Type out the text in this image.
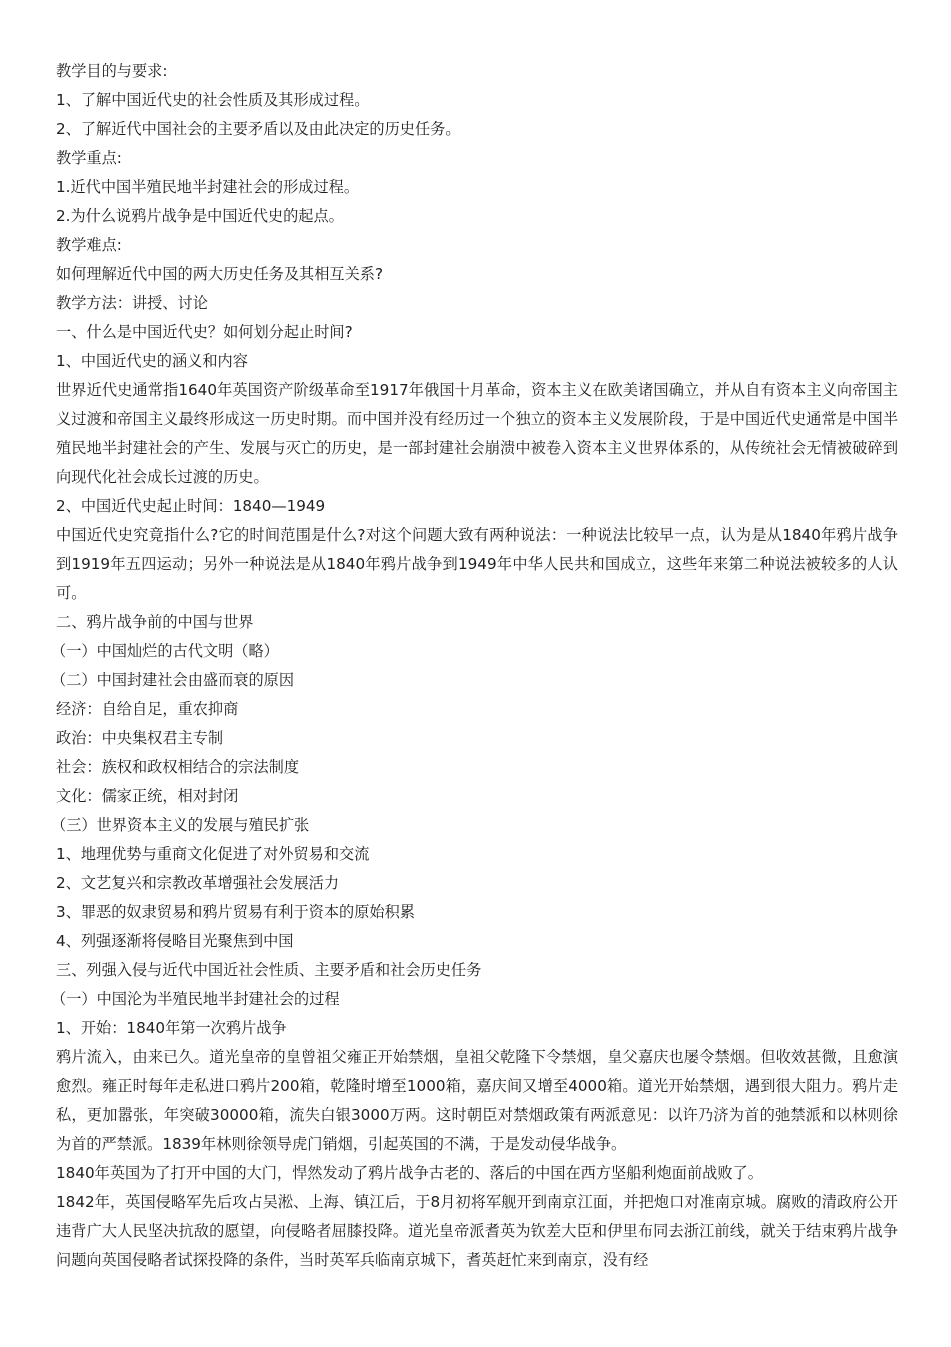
教学目的与要求:
1、了解中国近代史的社会性质及其形成过程。
2、了解近代中国社会的主要矛盾以及由此决定的历史任务。
教学重点:
1.近代中国半殖民地半封建社会的形成过程。
2.为什么说鸦片战争是中国近代史的起点。
教学难点:
如何理解近代中国的两大历史任务及其相互关系?
教学方法：讲授、讨论
一、什么是中国近代史？如何划分起止时间?
1、中国近代史的涵义和内容
世界近代史通常指1640年英国资产阶级革命至1917年俄国十月革命，资本主义在欧美诸国确立，并从自有资本主义向帝国主义过渡和帝国主义最终形成这一历史时期。而中国并没有经历过一个独立的资本主义发展阶段，于是中国近代史通常是中国半殖民地半封建社会的产生、发展与灭亡的历史，是一部封建社会崩溃中被卷入资本主义世界体系的，从传统社会无情被破碎到向现代化社会成长过渡的历史。
2、中国近代史起止时间：1840—1949
中国近代史究竟指什么?它的时间范围是什么?对这个问题大致有两种说法：一种说法比较早一点，认为是从1840年鸦片战争到1919年五四运动；另外一种说法是从1840年鸦片战争到1949年中华人民共和国成立，这些年来第二种说法被较多的人认可。
二、鸦片战争前的中国与世界
（一）中国灿烂的古代文明（略）
（二）中国封建社会由盛而衰的原因
经济：自给自足，重农抑商
政治：中央集权君主专制
社会：族权和政权相结合的宗法制度
文化：儒家正统，相对封闭
（三）世界资本主义的发展与殖民扩张
1、地理优势与重商文化促进了对外贸易和交流
2、文艺复兴和宗教改革增强社会发展活力
3、罪恶的奴隶贸易和鸦片贸易有利于资本的原始积累
4、列强逐渐将侵略目光聚焦到中国
三、列强入侵与近代中国近社会性质、主要矛盾和社会历史任务
（一）中国沦为半殖民地半封建社会的过程
1、开始：1840年第一次鸦片战争
鸦片流入，由来已久。道光皇帝的皇曾祖父雍正开始禁烟，皇祖父乾隆下令禁烟，皇父嘉庆也屡令禁烟。但收效甚微，且愈演愈烈。雍正时每年走私进口鸦片200箱，乾隆时增至1000箱，嘉庆间又增至4000箱。道光开始禁烟，遇到很大阻力。鸦片走私，更加嚣张，年突破30000箱，流失白银3000万两。这时朝臣对禁烟政策有两派意见：以许乃济为首的弛禁派和以林则徐为首的严禁派。1839年林则徐领导虎门销烟，引起英国的不满，于是发动侵华战争。
1840年英国为了打开中国的大门，悍然发动了鸦片战争古老的、落后的中国在西方坚船利炮面前战败了。
1842年，英国侵略军先后攻占吴淞、上海、镇江后，于8月初将军舰开到南京江面，并把炮口对准南京城。腐败的清政府公开违背广大人民坚决抗敌的愿望，向侵略者屈膝投降。道光皇帝派耆英为钦差大臣和伊里布同去浙江前线，就关于结束鸦片战争问题向英国侵略者试探投降的条件，当时英军兵临南京城下，耆英赶忙来到南京，没有经
